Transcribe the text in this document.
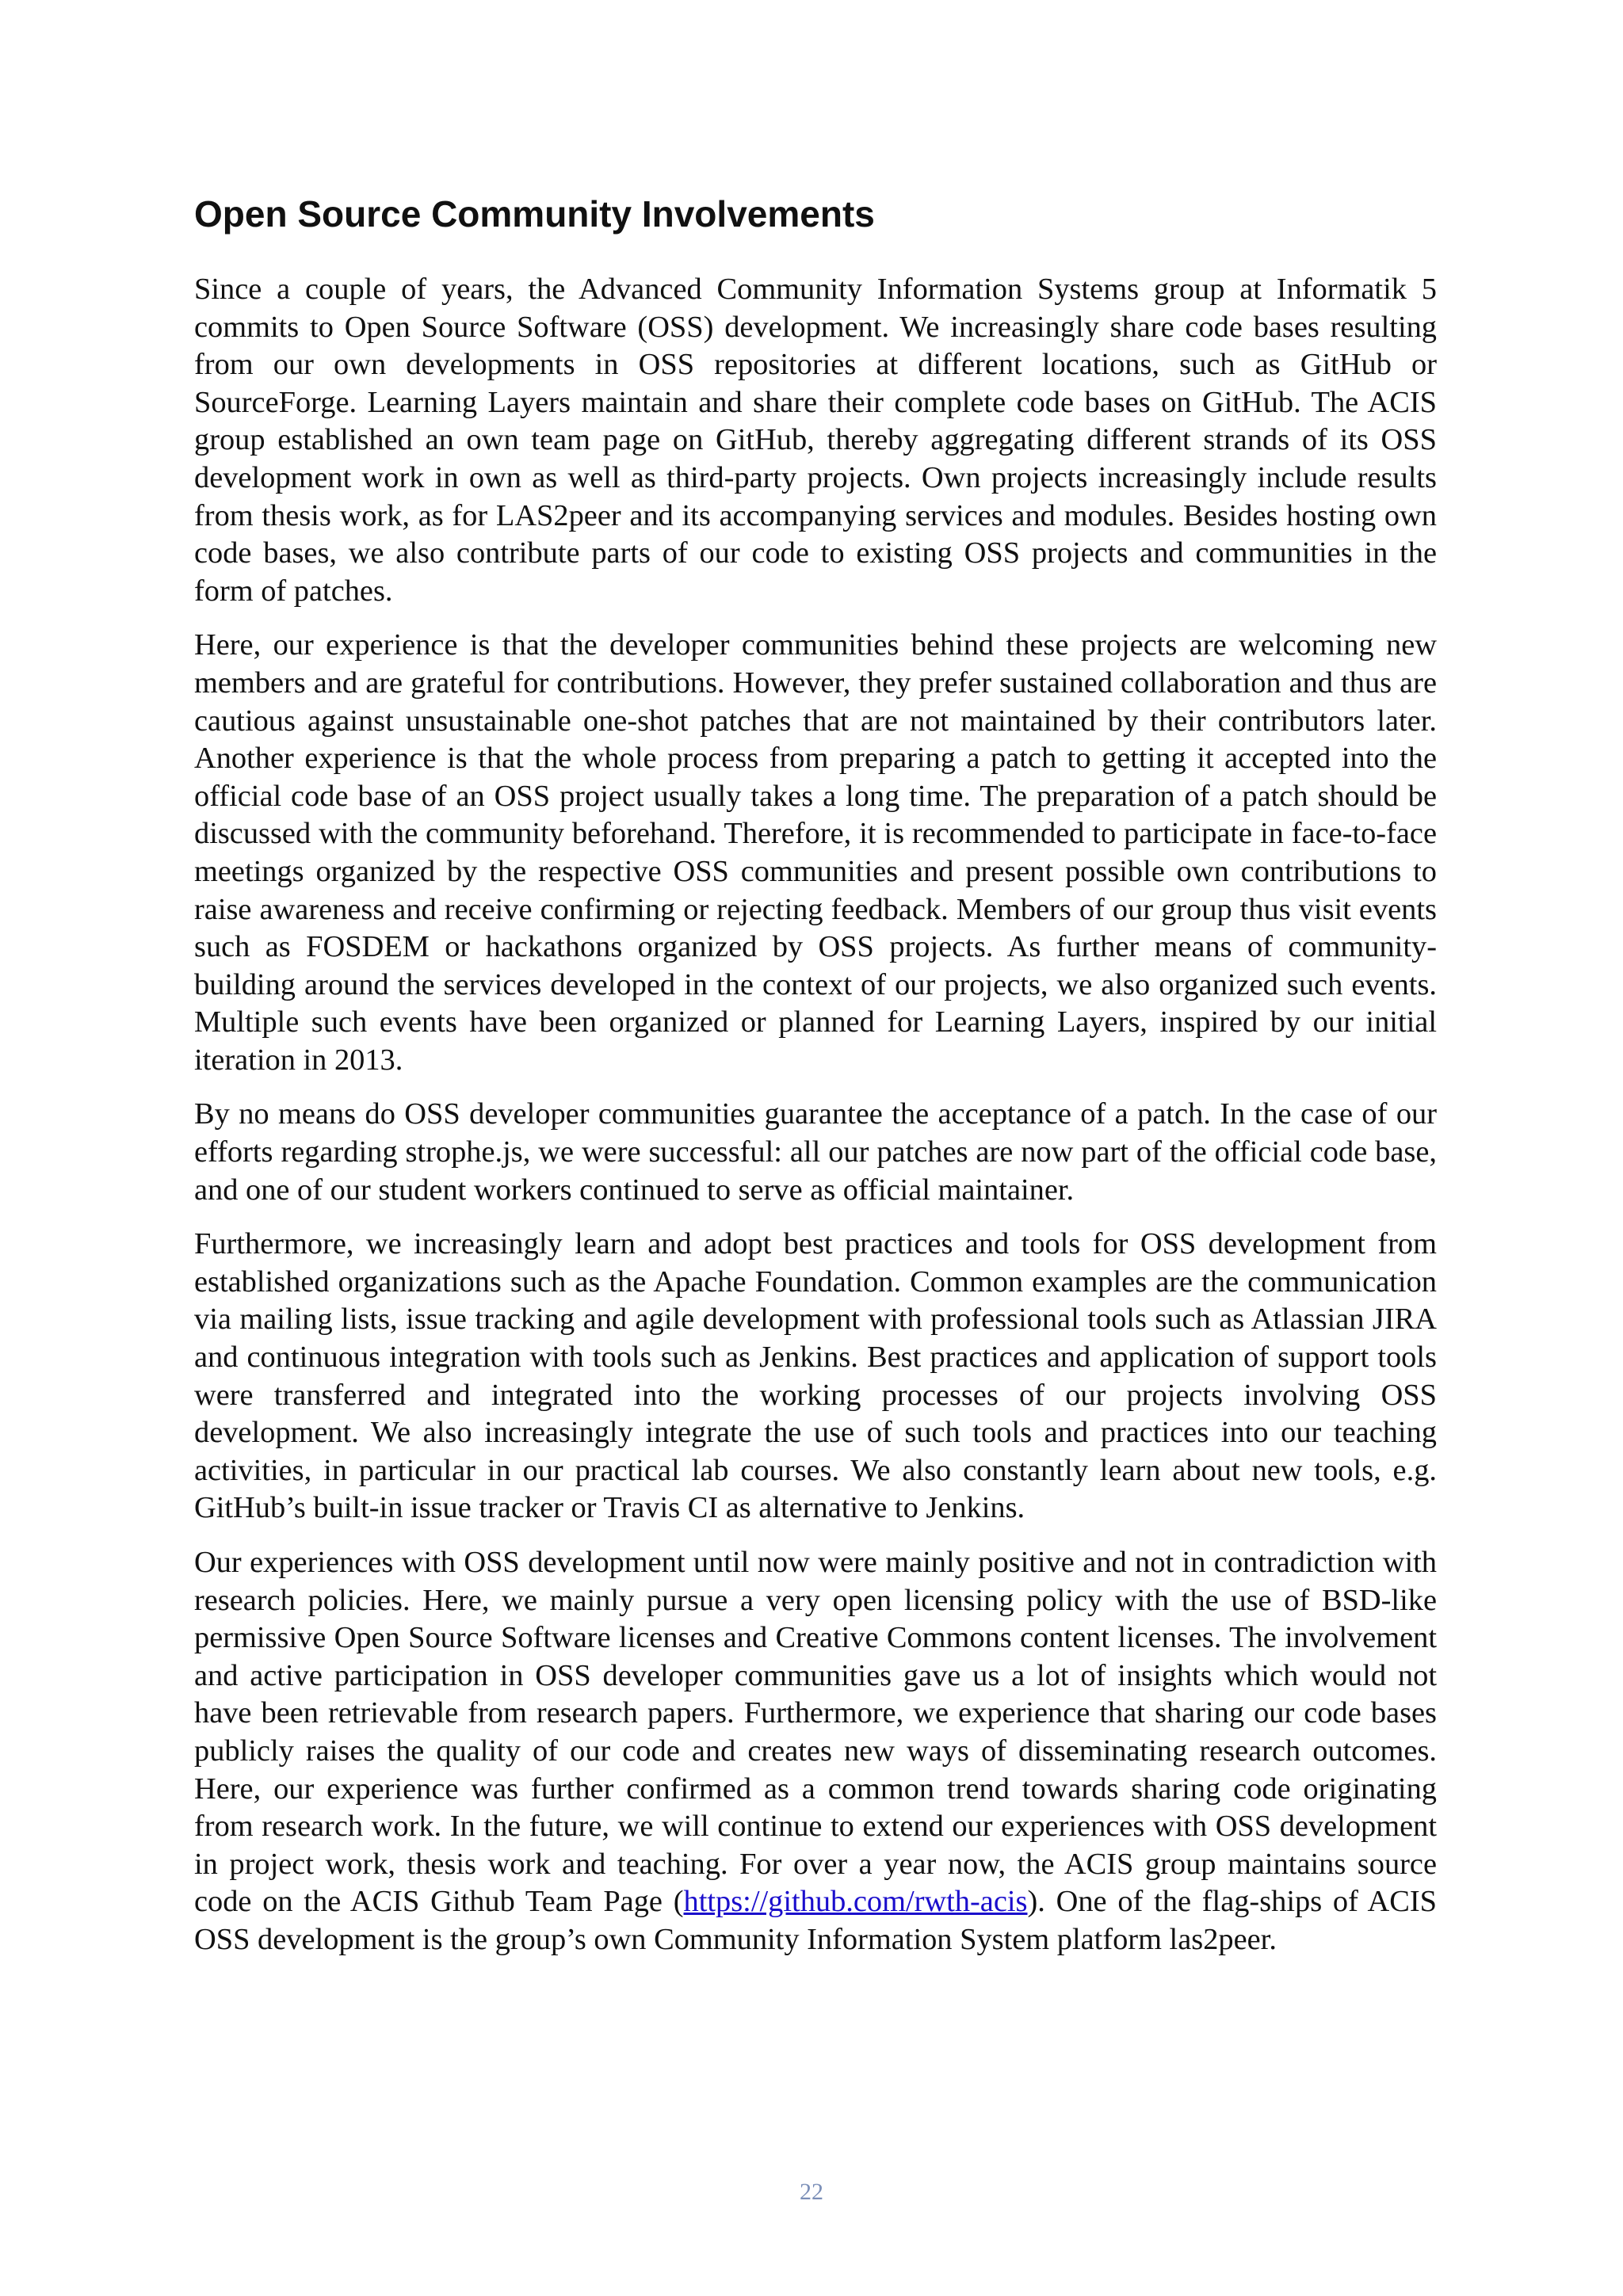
Open Source Community Involvements

Since a couple of years, the Advanced Community Information Systems group at Informatik 5 commits to Open Source Software (OSS) development. We increasingly share code bases resulting from our own developments in OSS repositories at different locations, such as GitHub or SourceForge. Learning Layers maintain and share their complete code bases on GitHub. The ACIS group established an own team page on GitHub, thereby aggregating different strands of its OSS development work in own as well as third-party projects. Own projects increasingly include results from thesis work, as for LAS2peer and its accompanying services and modules. Besides hosting own code bases, we also contribute parts of our code to existing OSS projects and communities in the form of patches.

Here, our experience is that the developer communities behind these projects are welcoming new members and are grateful for contributions. However, they prefer sustained collaboration and thus are cautious against unsustainable one-shot patches that are not maintained by their contributors later. Another experience is that the whole process from preparing a patch to getting it accepted into the official code base of an OSS project usually takes a long time. The preparation of a patch should be discussed with the community beforehand. Therefore, it is recommended to participate in face-to-face meetings organized by the respective OSS communities and present possible own contributions to raise awareness and receive confirming or rejecting feedback. Members of our group thus visit events such as FOSDEM or hackathons organized by OSS projects. As further means of community-building around the services developed in the context of our projects, we also organized such events. Multiple such events have been organized or planned for Learning Layers, inspired by our initial iteration in 2013.

By no means do OSS developer communities guarantee the acceptance of a patch. In the case of our efforts regarding strophe.js, we were successful: all our patches are now part of the official code base, and one of our student workers continued to serve as official maintainer.

Furthermore, we increasingly learn and adopt best practices and tools for OSS development from established organizations such as the Apache Foundation. Common examples are the communication via mailing lists, issue tracking and agile development with professional tools such as Atlassian JIRA and continuous integration with tools such as Jenkins. Best practices and application of support tools were transferred and integrated into the working processes of our projects involving OSS development. We also increasingly integrate the use of such tools and practices into our teaching activities, in particular in our practical lab courses. We also constantly learn about new tools, e.g. GitHub’s built-in issue tracker or Travis CI as alternative to Jenkins.

Our experiences with OSS development until now were mainly positive and not in contradiction with research policies. Here, we mainly pursue a very open licensing policy with the use of BSD-like permissive Open Source Software licenses and Creative Commons content licenses. The involvement and active participation in OSS developer communities gave us a lot of insights which would not have been retrievable from research papers. Furthermore, we experience that sharing our code bases publicly raises the quality of our code and creates new ways of disseminating research outcomes. Here, our experience was further confirmed as a common trend towards sharing code originating from research work. In the future, we will continue to extend our experiences with OSS development in project work, thesis work and teaching. For over a year now, the ACIS group maintains source code on the ACIS Github Team Page (https://github.com/rwth-acis). One of the flag-ships of ACIS OSS development is the group’s own Community Information System platform las2peer.

22
